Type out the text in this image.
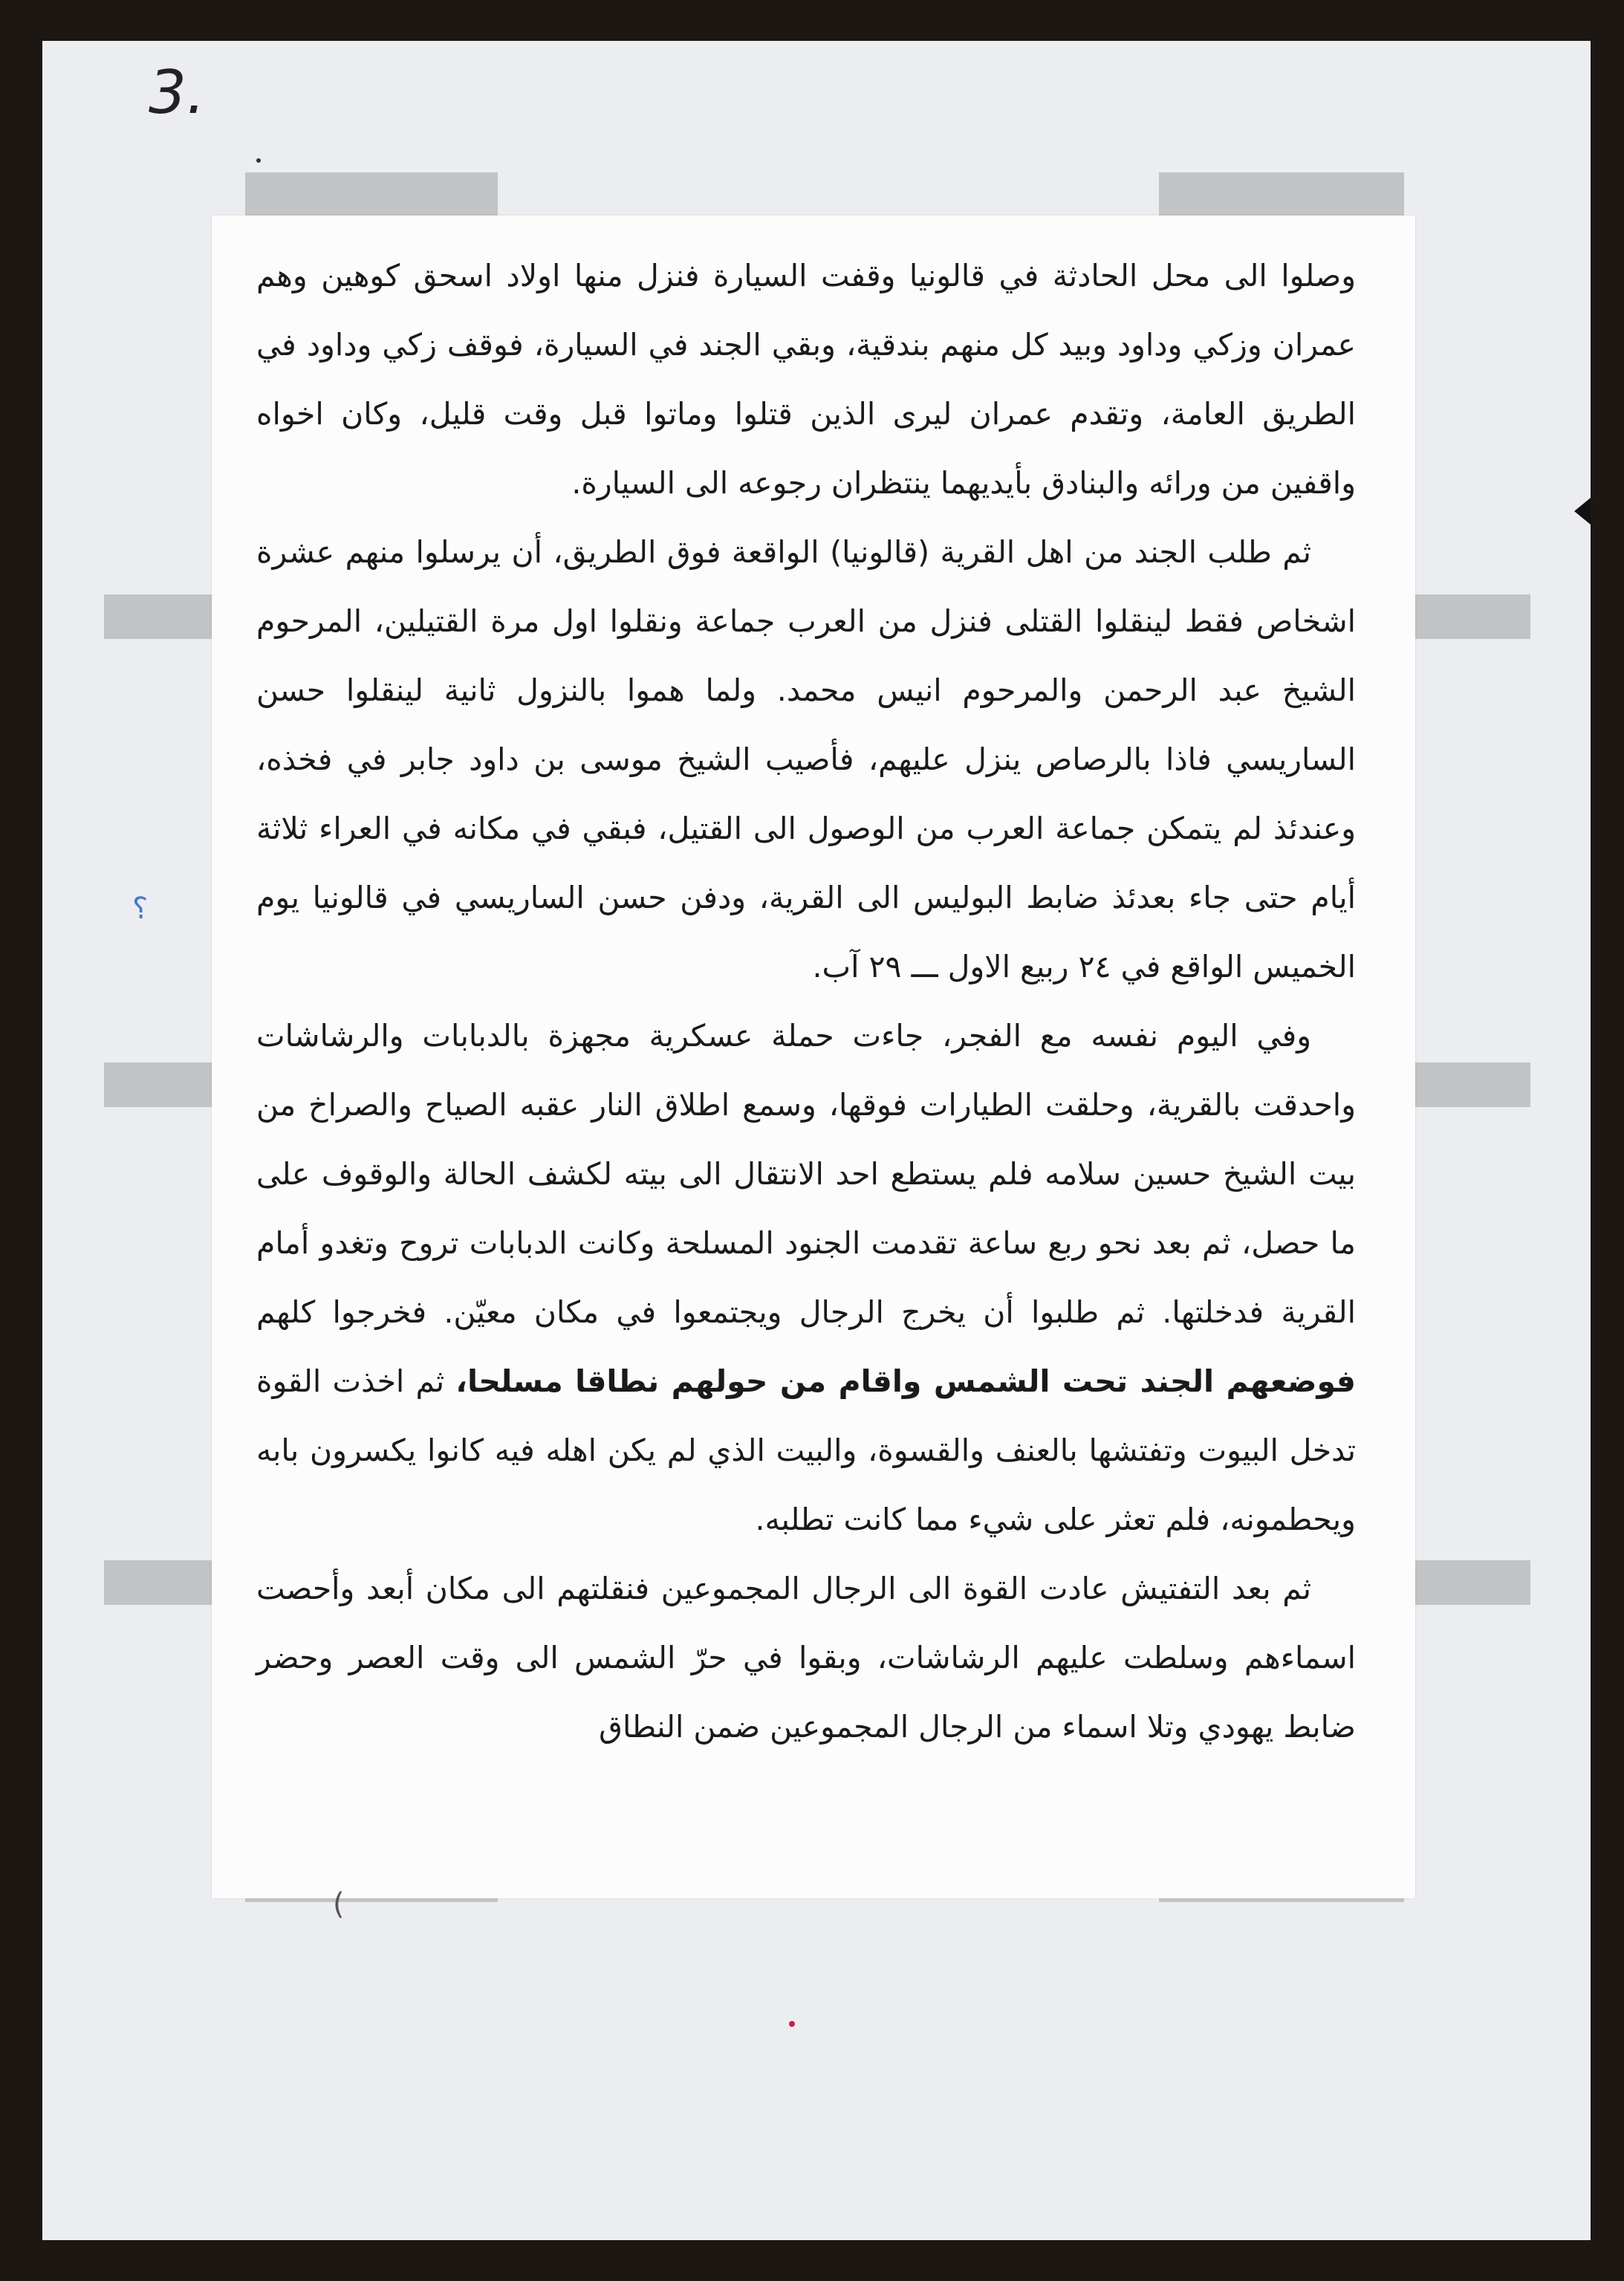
3.
؟

وصلوا الى محل الحادثة في قالونيا وقفت السيارة فنزل منها اولاد اسحق كوهين وهم عمران وزكي وداود وبيد كل منهم بندقية، وبقي الجند في السيارة، فوقف زكي وداود في الطريق العامة، وتقدم عمران ليرى الذين قتلوا وماتوا قبل وقت قليل، وكان اخواه واقفين من ورائه والبنادق بأيديهما ينتظران رجوعه الى السيارة.

ثم طلب الجند من اهل القرية (قالونيا) الواقعة فوق الطريق، أن يرسلوا منهم عشرة اشخاص فقط لينقلوا القتلى فنزل من العرب جماعة ونقلوا اول مرة القتيلين، المرحوم الشيخ عبد الرحمن والمرحوم انيس محمد. ولما هموا بالنزول ثانية لينقلوا حسن الساريسي فاذا بالرصاص ينزل عليهم، فأصيب الشيخ موسى بن داود جابر في فخذه، وعندئذ لم يتمكن جماعة العرب من الوصول الى القتيل، فبقي في مكانه في العراء ثلاثة أيام حتى جاء بعدئذ ضابط البوليس الى القرية، ودفن حسن الساريسي في قالونيا يوم الخميس الواقع في ٢٤ ربيع الاول ـــ ٢٩ آب.

وفي اليوم نفسه مع الفجر، جاءت حملة عسكرية مجهزة بالدبابات والرشاشات واحدقت بالقرية، وحلقت الطيارات فوقها، وسمع اطلاق النار عقبه الصياح والصراخ من بيت الشيخ حسين سلامه فلم يستطع احد الانتقال الى بيته لكشف الحالة والوقوف على ما حصل، ثم بعد نحو ربع ساعة تقدمت الجنود المسلحة وكانت الدبابات تروح وتغدو أمام القرية فدخلتها. ثم طلبوا أن يخرج الرجال ويجتمعوا في مكان معيّن. فخرجوا كلهم فوضعهم الجند تحت الشمس واقام من حولهم نطاقا مسلحا، ثم اخذت القوة تدخل البيوت وتفتشها بالعنف والقسوة، والبيت الذي لم يكن اهله فيه كانوا يكسرون بابه ويحطمونه، فلم تعثر على شيء مما كانت تطلبه.

ثم بعد التفتيش عادت القوة الى الرجال المجموعين فنقلتهم الى مكان أبعد وأحصت اسماءهم وسلطت عليهم الرشاشات، وبقوا في حرّ الشمس الى وقت العصر وحضر ضابط يهودي وتلا اسماء من الرجال المجموعين ضمن النطاق

(
